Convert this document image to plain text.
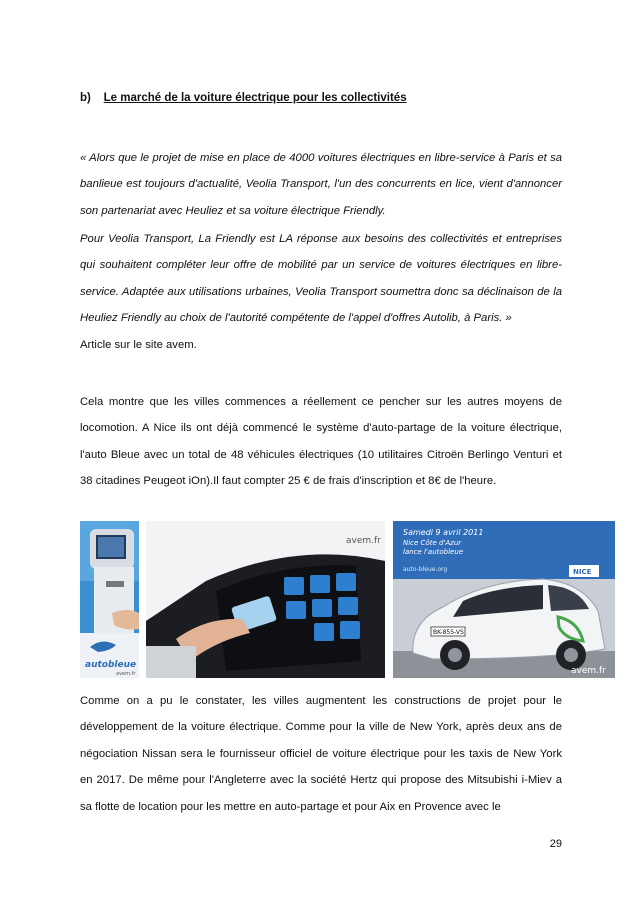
b) Le marché de la voiture électrique pour les collectivités

« Alors que le projet de mise en place de 4000 voitures électriques en libre-service à Paris et sa banlieue est toujours d'actualité, Veolia Transport, l'un des concurrents en lice, vient d'annoncer son partenariat avec Heuliez et sa voiture électrique Friendly.

Pour Veolia Transport, La Friendly est LA réponse aux besoins des collectivités et entreprises qui souhaitent compléter leur offre de mobilité par un service de voitures électriques en libre-service. Adaptée aux utilisations urbaines, Veolia Transport soumettra donc sa déclinaison de la Heuliez Friendly au choix de l'autorité compétente de l'appel d'offres Autolib, à Paris. »
Article sur le site avem.

Cela montre que les villes commences a réellement ce pencher sur les autres moyens de locomotion. A Nice ils ont déjà commencé le système d'auto-partage de la voiture électrique, l'auto Bleue avec un total de 48 véhicules électriques (10 utilitaires Citroën Berlingo Venturi et 38 citadines Peugeot iOn).Il faut compter 25 € de frais d'inscription et 8€ de l'heure.

autobleue
avem.fr
avem.fr
Samedi 9 avril 2011
Nice Côte d'Azur
lance l'autobleue
auto-bleue.org	NICE
BK-855-VS
avem.fr

Comme on a pu le constater, les villes augmentent les constructions de projet pour le développement de la voiture électrique. Comme pour la ville de New York, après deux ans de négociation Nissan sera le fournisseur officiel de voiture électrique pour les taxis de New York en 2017. De même pour l'Angleterre avec la société Hertz qui propose des Mitsubishi i-Miev a sa flotte de location pour les mettre en auto-partage et pour Aix en Provence avec le

29
